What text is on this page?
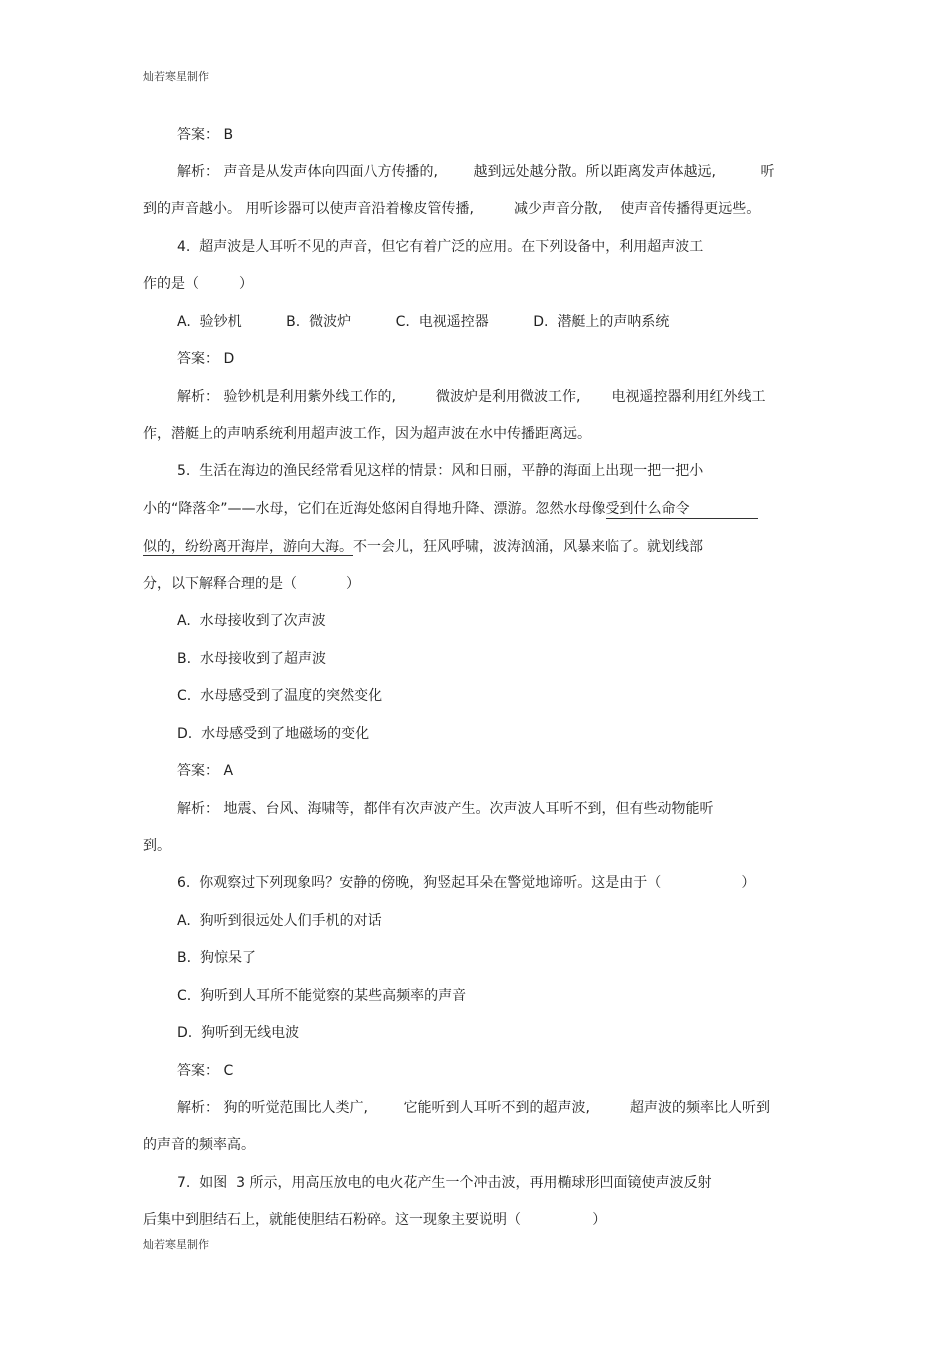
灿若寒星制作
答案： B
解析： 声音是从发声体向四面八方传播的,        越到远处越分散。所以距离发声体越远,          听
到的声音越小。 用听诊器可以使声音沿着橡皮管传播,         减少声音分散,    使声音传播得更远些。
4.  超声波是人耳听不见的声音，但它有着广泛的应用。在下列设备中，利用超声波工
作的是（         ）
A.  验钞机          B.  微波炉          C.  电视遥控器          D.  潜艇上的声呐系统
答案： D
解析： 验钞机是利用紫外线工作的,         微波炉是利用微波工作,       电视遥控器利用红外线工
作，潜艇上的声呐系统利用超声波工作，因为超声波在水中传播距离远。
5.  生活在海边的渔民经常看见这样的情景：风和日丽，平静的海面上出现一把一把小
小的“降落伞”——水母，它们在近海处悠闲自得地升降、漂游。忽然水母像受到什么命令
似的，纷纷离开海岸，游向大海。不一会儿，狂风呼啸，波涛汹涌，风暴来临了。就划线部
分，以下解释合理的是（           ）
A.  水母接收到了次声波
B.  水母接收到了超声波
C.  水母感受到了温度的突然变化
D.  水母感受到了地磁场的变化
答案： A
解析： 地震、台风、海啸等，都伴有次声波产生。次声波人耳听不到，但有些动物能听
到。
6.  你观察过下列现象吗？安静的傍晚，狗竖起耳朵在警觉地谛听。这是由于（                  ）
A.  狗听到很远处人们手机的对话
B.  狗惊呆了
C.  狗听到人耳所不能觉察的某些高频率的声音
D.  狗听到无线电波
答案： C
解析： 狗的听觉范围比人类广,        它能听到人耳听不到的超声波,         超声波的频率比人听到
的声音的频率高。
7.  如图  3 所示，用高压放电的电火花产生一个冲击波，再用椭球形凹面镜使声波反射
后集中到胆结石上，就能使胆结石粉碎。这一现象主要说明（                ）
灿若寒星制作
